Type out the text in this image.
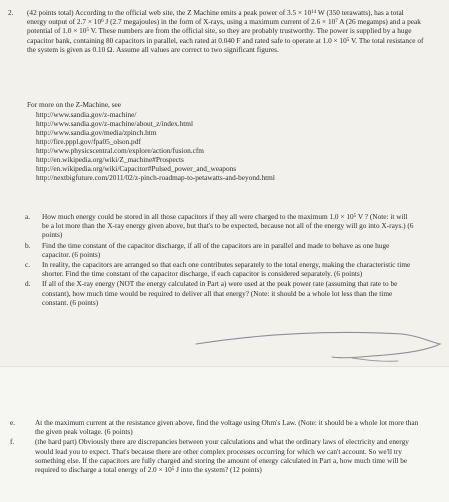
2. (42 points total) According to the official web site, the Z Machine emits a peak power of $3.5 \times 10^{14}$ W (350 terawatts), has a total energy output of $2.7 \times 10^6$ J (2.7 megajoules) in the form of X-rays, using a maximum current of $2.6 \times 10^7$ A (26 megamps) and a peak potential of $1.0 \times 10^5$ V. These numbers are from the official site, so they are probably trustworthy. The power is supplied by a huge capacitor bank, containing 80 capacitors in parallel, each rated at 0.040 F and rated safe to operate at $1.0 \times 10^5$ V. The total resistance of the system is given as 0.10 Ω. Assume all values are correct to two significant figures.
For more on the Z-Machine, see
http://www.sandia.gov/z-machine/
http://www.sandia.gov/z-machine/about_z/index.html
http://www.sandia.gov/media/zpinch.htm
http://fire.pppl.gov/fpa05_olson.pdf
http://www.physicscentral.com/explore/action/fusion.cfm
http://en.wikipedia.org/wiki/Z_machine#Prospects
http://en.wikipedia.org/wiki/Capacitor#Pulsed_power_and_weapons
http://nextbigfuture.com/2011/02/z-pinch-roadmap-to-petawatts-and-beyond.html
a. How much energy could be stored in all those capacitors if they all were charged to the maximum $1.0 \times 10^5$ V ? (Note: it will be a lot more than the X-ray energy given above, but that's to be expected, because not all of the energy will go into X-rays.) (6 points)
b. Find the time constant of the capacitor discharge, if all of the capacitors are in parallel and made to behave as one huge capacitor. (6 points)
c. In reality, the capacitors are arranged so that each one contributes separately to the total energy, making the characteristic time shorter. Find the time constant of the capacitor discharge, if each capacitor is considered separately. (6 points)
d. If all of the X-ray energy (NOT the energy calculated in Part a) were used at the peak power rate (assuming that rate to be constant), how much time would be required to deliver all that energy? (Note: it should be a whole lot less than the time constant. (6 points)
e.	At the maximum current at the resistance given above, find the voltage using Ohm's Law. (Note: it should be a whole lot more than the given peak voltage. (6 points)
f.	(the hard part) Obviously there are discrepancies between your calculations and what the ordinary laws of electricity and energy would lead you to expect. That's because there are other complex processes occurring for which we can't account. So we'll try something else. If the capacitors are fully charged and storing the amount of energy calculated in Part a, how much time will be required to discharge a total energy of $2.0 \times 10^5$ J into the system? (12 points)
